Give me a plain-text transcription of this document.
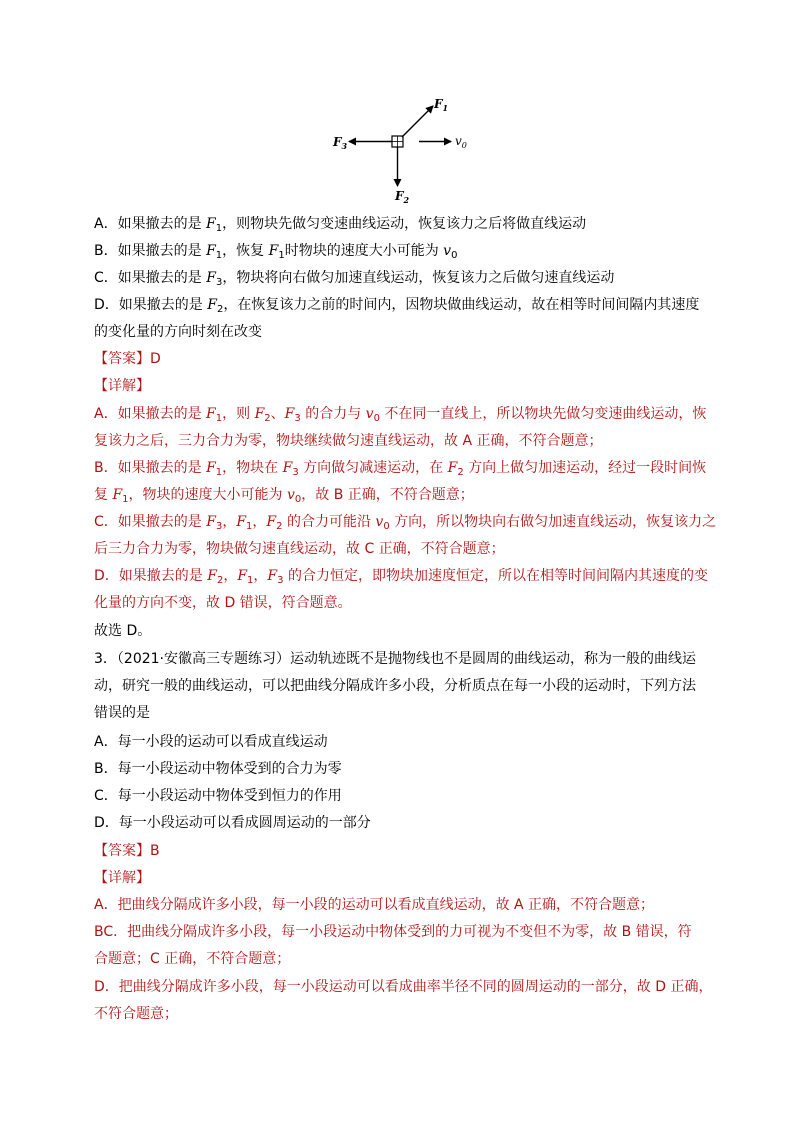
$F_1$
$F_3$
$F_2$
$v_0$
A．如果撤去的是 $F_1$，则物块先做匀变速曲线运动，恢复该力之后将做直线运动
B．如果撤去的是 $F_1$，恢复 $F_1$时物块的速度大小可能为 $v_0$
C．如果撤去的是 $F_3$，物块将向右做匀加速直线运动，恢复该力之后做匀速直线运动
D．如果撤去的是 $F_2$，在恢复该力之前的时间内，因物块做曲线运动，故在相等时间间隔内其速度
的变化量的方向时刻在改变
【答案】D
【详解】
A．如果撤去的是 $F_1$，则 $F_2$、$F_3$ 的合力与 $v_0$ 不在同一直线上，所以物块先做匀变速曲线运动，恢
复该力之后，三力合力为零，物块继续做匀速直线运动，故 A 正确，不符合题意；
B．如果撤去的是 $F_1$，物块在 $F_3$ 方向做匀减速运动，在 $F_2$ 方向上做匀加速运动，经过一段时间恢
复 $F_1$，物块的速度大小可能为 $v_0$，故 B 正确，不符合题意；
C．如果撤去的是 $F_3$，$F_1$，$F_2$ 的合力可能沿 $v_0$ 方向，所以物块向右做匀加速直线运动，恢复该力之
后三力合力为零，物块做匀速直线运动，故 C 正确，不符合题意；
D．如果撤去的是 $F_2$，$F_1$，$F_3$ 的合力恒定，即物块加速度恒定，所以在相等时间间隔内其速度的变
化量的方向不变，故 D 错误，符合题意。
故选 D。
3．（2021·安徽高三专题练习）运动轨迹既不是抛物线也不是圆周的曲线运动，称为一般的曲线运
动，研究一般的曲线运动，可以把曲线分隔成许多小段，分析质点在每一小段的运动时，下列方法
错误的是
A．每一小段的运动可以看成直线运动
B．每一小段运动中物体受到的合力为零
C．每一小段运动中物体受到恒力的作用
D．每一小段运动可以看成圆周运动的一部分
【答案】B
【详解】
A．把曲线分隔成许多小段，每一小段的运动可以看成直线运动，故 A 正确，不符合题意；
BC．把曲线分隔成许多小段，每一小段运动中物体受到的力可视为不变但不为零，故 B 错误，符
合题意；C 正确，不符合题意；
D．把曲线分隔成许多小段，每一小段运动可以看成曲率半径不同的圆周运动的一部分，故 D 正确，
不符合题意；
